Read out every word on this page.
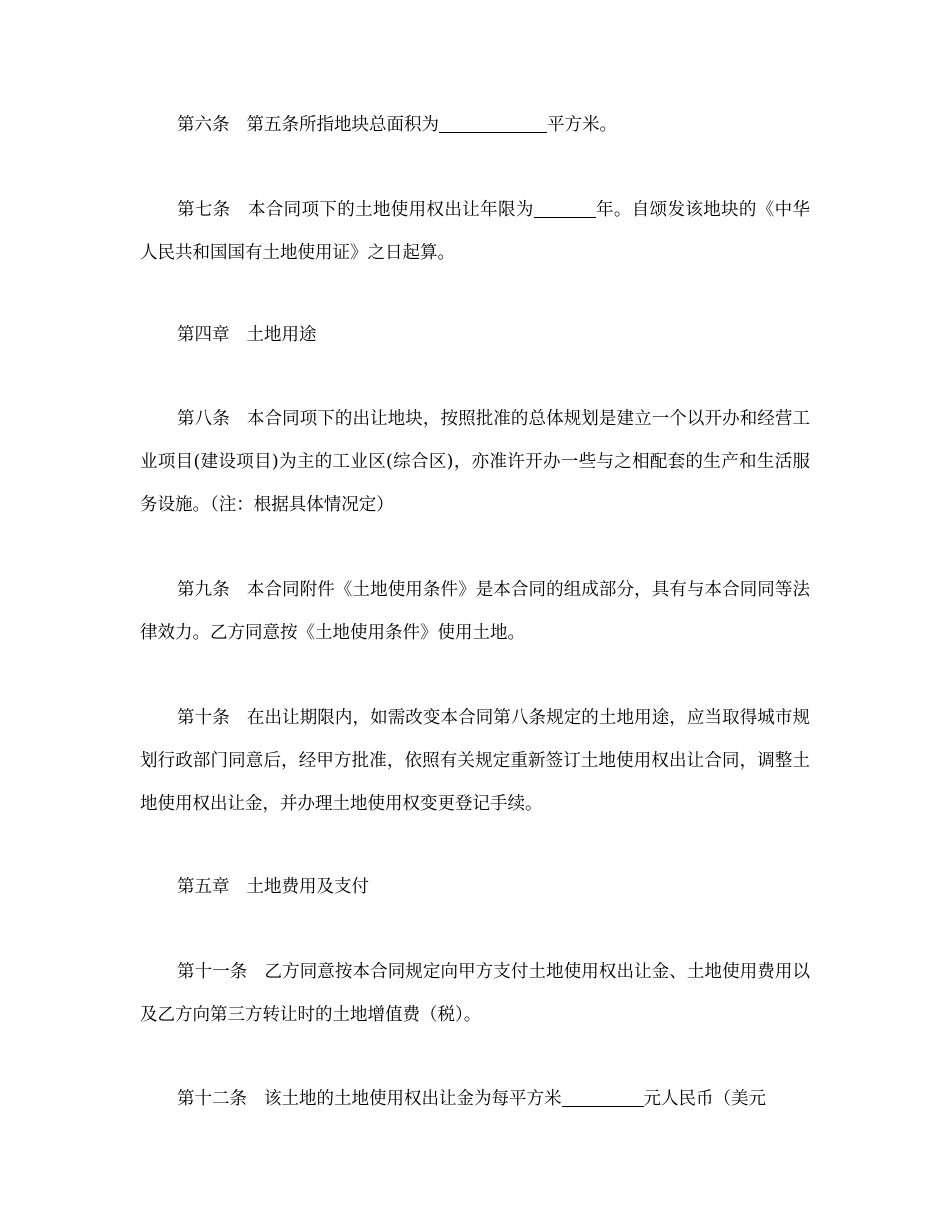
第六条 第五条所指地块总面积为	平方米。

第七条 本合同项下的土地使用权出让年限为	年。自颂发该地块的《中华人民共和国国有土地使用证》之日起算。

第四章 土地用途

第八条 本合同项下的出让地块，按照批准的总体规划是建立一个以开办和经营工业项目(建设项目)为主的工业区(综合区)，亦准许开办一些与之相配套的生产和生活服务设施。（注：根据具体情况定）

第九条 本合同附件《土地使用条件》是本合同的组成部分，具有与本合同同等法律效力。乙方同意按《土地使用条件》使用土地。

第十条 在出让期限内，如需改变本合同第八条规定的土地用途，应当取得城市规划行政部门同意后，经甲方批准，依照有关规定重新签订土地使用权出让合同，调整土地使用权出让金，并办理土地使用权变更登记手续。

第五章 土地费用及支付

第十一条 乙方同意按本合同规定向甲方支付土地使用权出让金、土地使用费用以及乙方向第三方转让时的土地增值费（税）。

第十二条 该土地的土地使用权出让金为每平方米	元人民币（美元
